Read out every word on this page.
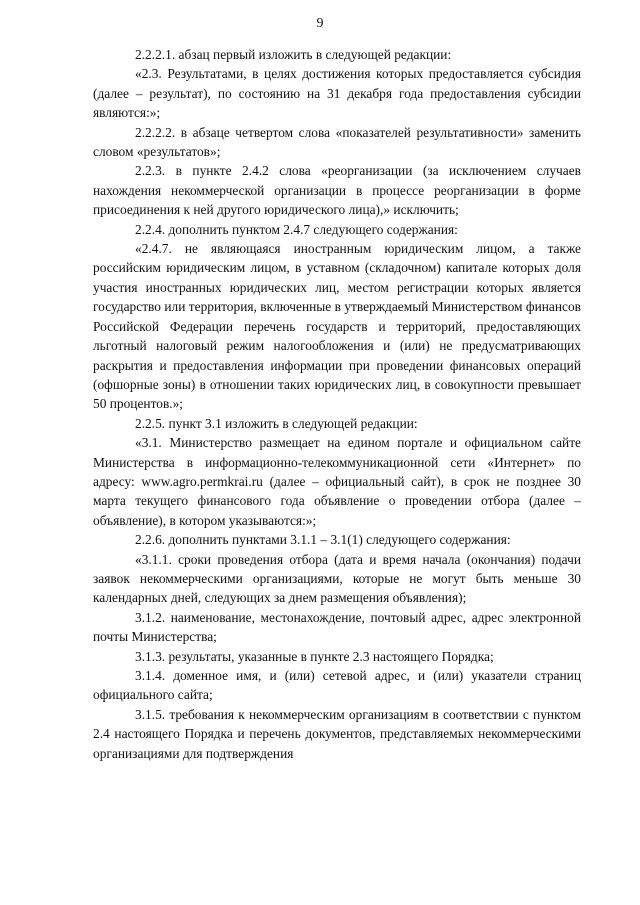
9

2.2.2.1. абзац первый изложить в следующей редакции:

«2.3. Результатами, в целях достижения которых предоставляется субсидия (далее – результат), по состоянию на 31 декабря года предоставления субсидии являются:»;

2.2.2.2. в абзаце четвертом слова «показателей результативности» заменить словом «результатов»;

2.2.3. в пункте 2.4.2 слова «реорганизации (за исключением случаев нахождения некоммерческой организации в процессе реорганизации в форме присоединения к ней другого юридического лица),» исключить;

2.2.4. дополнить пунктом 2.4.7 следующего содержания:

«2.4.7. не являющаяся иностранным юридическим лицом, а также российским юридическим лицом, в уставном (складочном) капитале которых доля участия иностранных юридических лиц, местом регистрации которых является государство или территория, включенные в утверждаемый Министерством финансов Российской Федерации перечень государств и территорий, предоставляющих льготный налоговый режим налогообложения и (или) не предусматривающих раскрытия и предоставления информации при проведении финансовых операций (офшорные зоны) в отношении таких юридических лиц, в совокупности превышает 50 процентов.»;

2.2.5. пункт 3.1 изложить в следующей редакции:

«3.1. Министерство размещает на едином портале и официальном сайте Министерства в информационно-телекоммуникационной сети «Интернет» по адресу: www.agro.permkrai.ru (далее – официальный сайт), в срок не позднее 30 марта текущего финансового года объявление о проведении отбора (далее – объявление), в котором указываются:»;

2.2.6. дополнить пунктами 3.1.1 – 3.1(1) следующего содержания:

«3.1.1. сроки проведения отбора (дата и время начала (окончания) подачи заявок некоммерческими организациями, которые не могут быть меньше 30 календарных дней, следующих за днем размещения объявления);

3.1.2. наименование, местонахождение, почтовый адрес, адрес электронной почты Министерства;

3.1.3. результаты, указанные в пункте 2.3 настоящего Порядка;

3.1.4. доменное имя, и (или) сетевой адрес, и (или) указатели страниц официального сайта;

3.1.5. требования к некоммерческим организациям в соответствии с пунктом 2.4 настоящего Порядка и перечень документов, представляемых некоммерческими организациями для подтверждения
